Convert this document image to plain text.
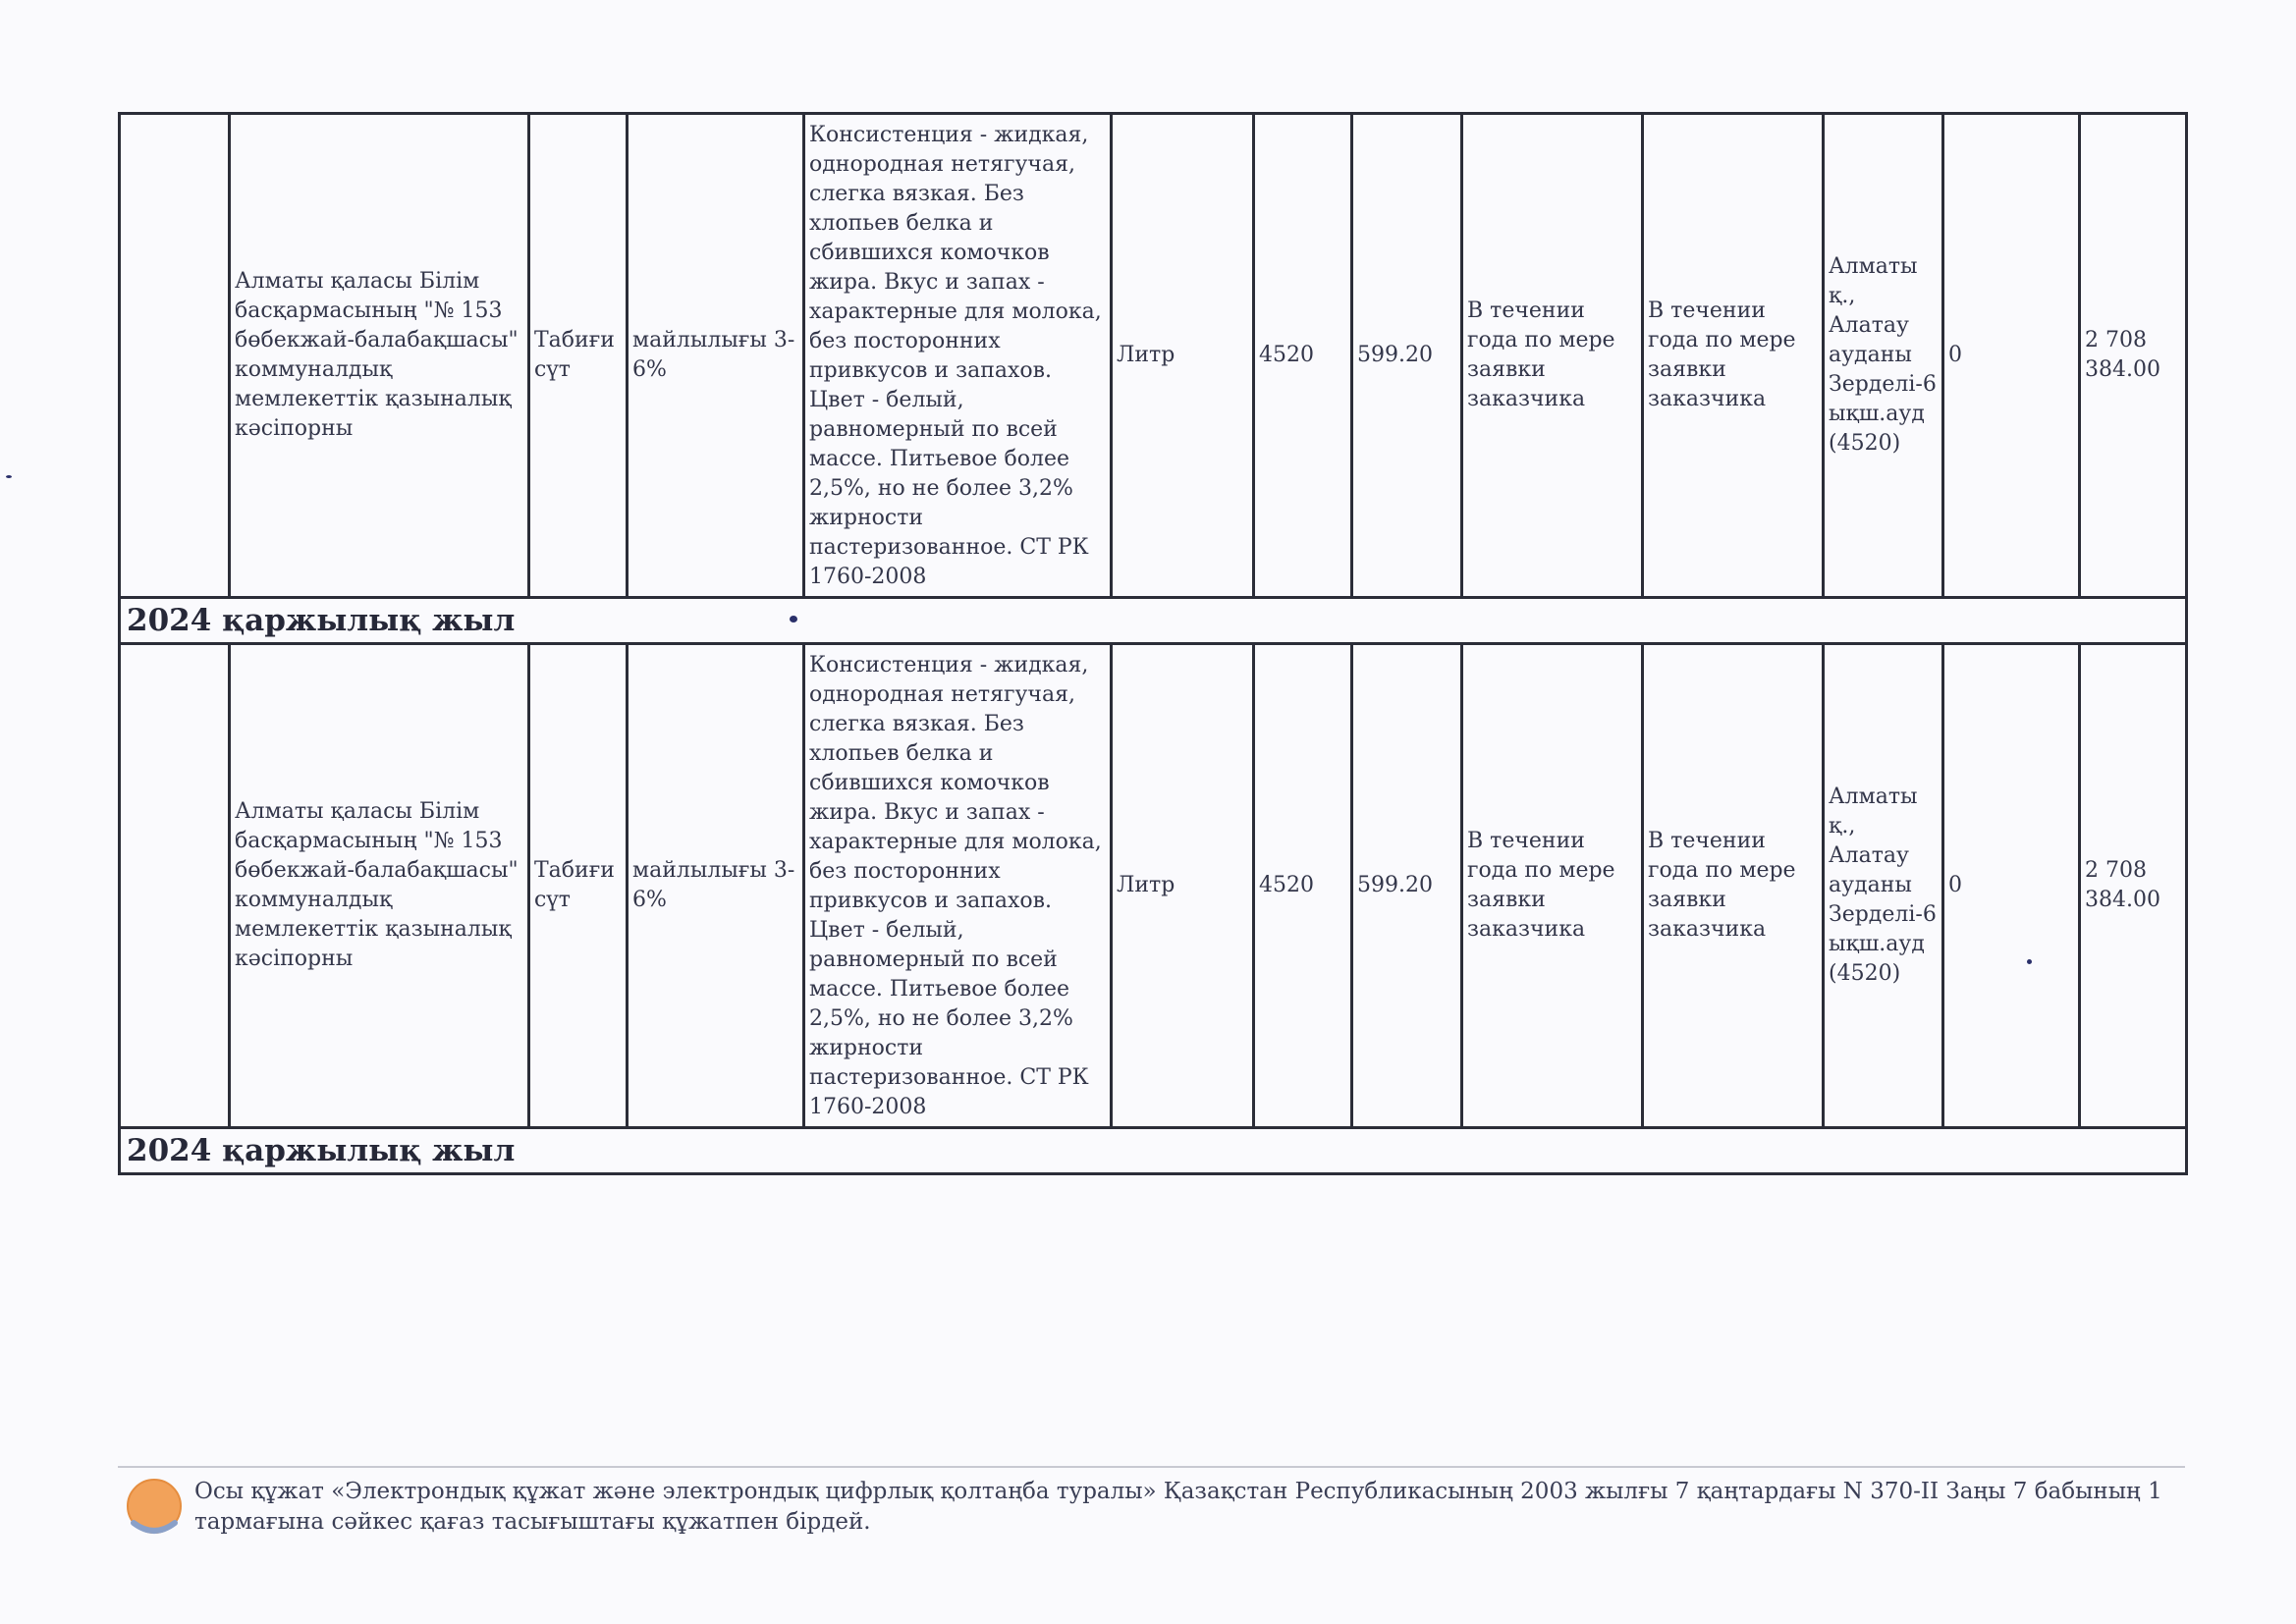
	Алматы қаласы Білім басқармасының "№ 153 бөбекжай-балабақшасы" коммуналдық мемлекеттік қазыналық кәсіпорны	Табиғи сүт	майлылығы 3-6%	Консистенция - жидкая, однородная нетягучая, слегка вязкая. Без хлопьев белка и сбившихся комочков жира. Вкус и запах - характерные для молока, без посторонних привкусов и запахов. Цвет - белый, равномерный по всей массе. Питьевое более 2,5%, но не более 3,2% жирности пастеризованное. СТ РК 1760-2008	Литр	4520	599.20	В течении года по мере заявки заказчика	В течении года по мере заявки заказчика	Алматы қ., Алатау ауданы Зерделі-6 ықш.ауд (4520)	0	2 708 384.00
2024 қаржылық жыл												
	Алматы қаласы Білім басқармасының "№ 153 бөбекжай-балабақшасы" коммуналдық мемлекеттік қазыналық кәсіпорны	Табиғи сүт	майлылығы 3-6%	Консистенция - жидкая, однородная нетягучая, слегка вязкая. Без хлопьев белка и сбившихся комочков жира. Вкус и запах - характерные для молока, без посторонних привкусов и запахов. Цвет - белый, равномерный по всей массе. Питьевое более 2,5%, но не более 3,2% жирности пастеризованное. СТ РК 1760-2008	Литр	4520	599.20	В течении года по мере заявки заказчика	В течении года по мере заявки заказчика	Алматы қ., Алатау ауданы Зерделі-6 ықш.ауд (4520)	0	2 708 384.00
2024 қаржылық жыл												
Осы құжат «Электрондық құжат және электрондық цифрлық қолтаңба туралы» Қазақстан Республикасының 2003 жылғы 7 қаңтардағы N 370-II Заңы 7 бабының 1 тармағына сәйкес қағаз тасығыштағы құжатпен бірдей.
